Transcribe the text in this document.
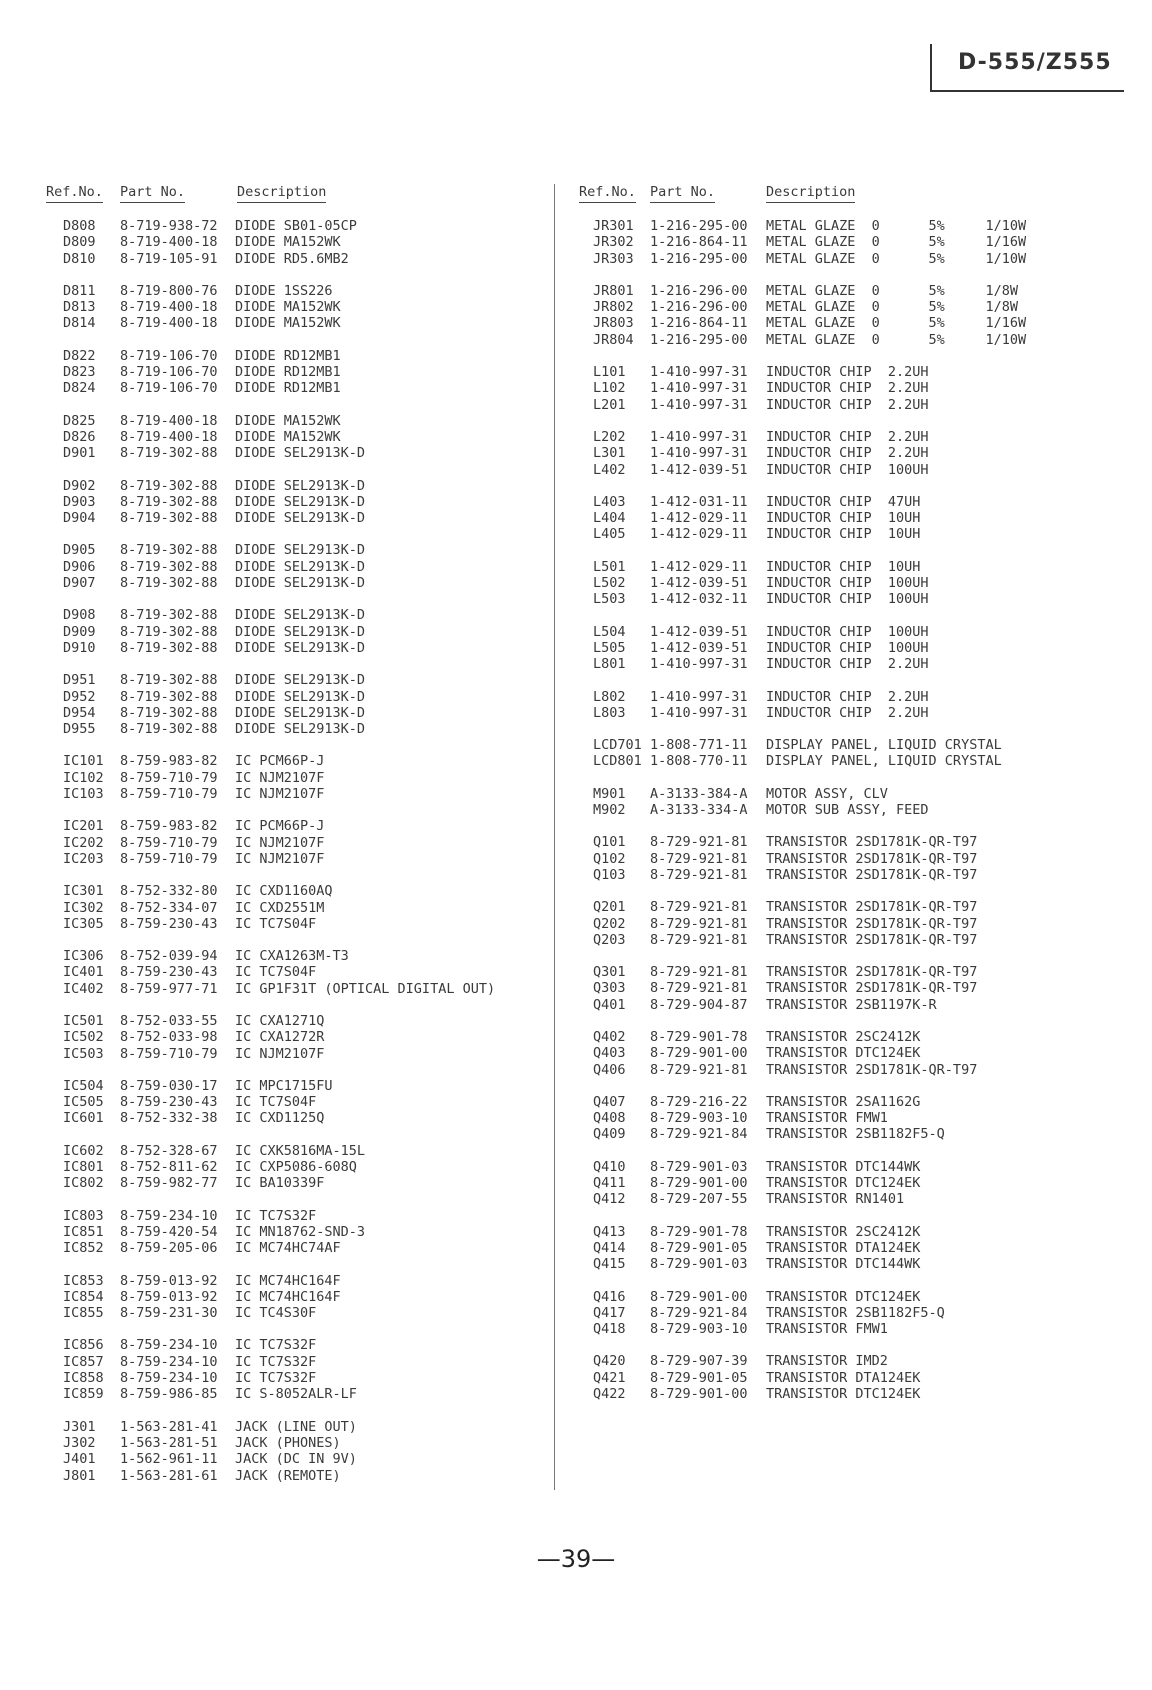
D-555/Z555
Ref.No. Part No.	Description
D808 8-719-938-72 DIODE SB01-05CP
D809 8-719-400-18 DIODE MA152WK
D810 8-719-105-91 DIODE RD5.6MB2
D811 8-719-800-76 DIODE 1SS226
D813 8-719-400-18 DIODE MA152WK
D814 8-719-400-18 DIODE MA152WK
D822 8-719-106-70 DIODE RD12MB1
D823 8-719-106-70 DIODE RD12MB1
D824 8-719-106-70 DIODE RD12MB1
D825 8-719-400-18 DIODE MA152WK
D826 8-719-400-18 DIODE MA152WK
D901 8-719-302-88 DIODE SEL2913K-D
D902 8-719-302-88 DIODE SEL2913K-D
D903 8-719-302-88 DIODE SEL2913K-D
D904 8-719-302-88 DIODE SEL2913K-D
D905 8-719-302-88 DIODE SEL2913K-D
D906 8-719-302-88 DIODE SEL2913K-D
D907 8-719-302-88 DIODE SEL2913K-D
D908 8-719-302-88 DIODE SEL2913K-D
D909 8-719-302-88 DIODE SEL2913K-D
D910 8-719-302-88 DIODE SEL2913K-D
D951 8-719-302-88 DIODE SEL2913K-D
D952 8-719-302-88 DIODE SEL2913K-D
D954 8-719-302-88 DIODE SEL2913K-D
D955 8-719-302-88 DIODE SEL2913K-D
IC101 8-759-983-82 IC PCM66P-J
IC102 8-759-710-79 IC NJM2107F
IC103 8-759-710-79 IC NJM2107F
IC201 8-759-983-82 IC PCM66P-J
IC202 8-759-710-79 IC NJM2107F
IC203 8-759-710-79 IC NJM2107F
IC301 8-752-332-80 IC CXD1160AQ
IC302 8-752-334-07 IC CXD2551M
IC305 8-759-230-43 IC TC7S04F
IC306 8-752-039-94 IC CXA1263M-T3
IC401 8-759-230-43 IC TC7S04F
IC402 8-759-977-71 IC GP1F31T (OPTICAL DIGITAL OUT)
IC501 8-752-033-55 IC CXA1271Q
IC502 8-752-033-98 IC CXA1272R
IC503 8-759-710-79 IC NJM2107F
IC504 8-759-030-17 IC MPC1715FU
IC505 8-759-230-43 IC TC7S04F
IC601 8-752-332-38 IC CXD1125Q
IC602 8-752-328-67 IC CXK5816MA-15L
IC801 8-752-811-62 IC CXP5086-608Q
IC802 8-759-982-77 IC BA10339F
IC803 8-759-234-10 IC TC7S32F
IC851 8-759-420-54 IC MN18762-SND-3
IC852 8-759-205-06 IC MC74HC74AF
IC853 8-759-013-92 IC MC74HC164F
IC854 8-759-013-92 IC MC74HC164F
IC855 8-759-231-30 IC TC4S30F
IC856 8-759-234-10 IC TC7S32F
IC857 8-759-234-10 IC TC7S32F
IC858 8-759-234-10 IC TC7S32F
IC859 8-759-986-85 IC S-8052ALR-LF
J301 1-563-281-41 JACK (LINE OUT)
J302 1-563-281-51 JACK (PHONES)
J401 1-562-961-11 JACK (DC IN 9V)
J801 1-563-281-61 JACK (REMOTE)
Ref.No. Part No.	Description
JR301 1-216-295-00 METAL GLAZE  0      5%     1/10W
JR302 1-216-864-11 METAL GLAZE  0      5%     1/16W
JR303 1-216-295-00 METAL GLAZE  0      5%     1/10W
JR801 1-216-296-00 METAL GLAZE  0      5%     1/8W
JR802 1-216-296-00 METAL GLAZE  0      5%     1/8W
JR803 1-216-864-11 METAL GLAZE  0      5%     1/16W
JR804 1-216-295-00 METAL GLAZE  0      5%     1/10W
L101 1-410-997-31 INDUCTOR CHIP  2.2UH
L102 1-410-997-31 INDUCTOR CHIP  2.2UH
L201 1-410-997-31 INDUCTOR CHIP  2.2UH
L202 1-410-997-31 INDUCTOR CHIP  2.2UH
L301 1-410-997-31 INDUCTOR CHIP  2.2UH
L402 1-412-039-51 INDUCTOR CHIP  100UH
L403 1-412-031-11 INDUCTOR CHIP  47UH
L404 1-412-029-11 INDUCTOR CHIP  10UH
L405 1-412-029-11 INDUCTOR CHIP  10UH
L501 1-412-029-11 INDUCTOR CHIP  10UH
L502 1-412-039-51 INDUCTOR CHIP  100UH
L503 1-412-032-11 INDUCTOR CHIP  100UH
L504 1-412-039-51 INDUCTOR CHIP  100UH
L505 1-412-039-51 INDUCTOR CHIP  100UH
L801 1-410-997-31 INDUCTOR CHIP  2.2UH
L802 1-410-997-31 INDUCTOR CHIP  2.2UH
L803 1-410-997-31 INDUCTOR CHIP  2.2UH
LCD701 1-808-771-11 DISPLAY PANEL, LIQUID CRYSTAL
LCD801 1-808-770-11 DISPLAY PANEL, LIQUID CRYSTAL
M901 A-3133-384-A MOTOR ASSY, CLV
M902 A-3133-334-A MOTOR SUB ASSY, FEED
Q101 8-729-921-81 TRANSISTOR 2SD1781K-QR-T97
Q102 8-729-921-81 TRANSISTOR 2SD1781K-QR-T97
Q103 8-729-921-81 TRANSISTOR 2SD1781K-QR-T97
Q201 8-729-921-81 TRANSISTOR 2SD1781K-QR-T97
Q202 8-729-921-81 TRANSISTOR 2SD1781K-QR-T97
Q203 8-729-921-81 TRANSISTOR 2SD1781K-QR-T97
Q301 8-729-921-81 TRANSISTOR 2SD1781K-QR-T97
Q303 8-729-921-81 TRANSISTOR 2SD1781K-QR-T97
Q401 8-729-904-87 TRANSISTOR 2SB1197K-R
Q402 8-729-901-78 TRANSISTOR 2SC2412K
Q403 8-729-901-00 TRANSISTOR DTC124EK
Q406 8-729-921-81 TRANSISTOR 2SD1781K-QR-T97
Q407 8-729-216-22 TRANSISTOR 2SA1162G
Q408 8-729-903-10 TRANSISTOR FMW1
Q409 8-729-921-84 TRANSISTOR 2SB1182F5-Q
Q410 8-729-901-03 TRANSISTOR DTC144WK
Q411 8-729-901-00 TRANSISTOR DTC124EK
Q412 8-729-207-55 TRANSISTOR RN1401
Q413 8-729-901-78 TRANSISTOR 2SC2412K
Q414 8-729-901-05 TRANSISTOR DTA124EK
Q415 8-729-901-03 TRANSISTOR DTC144WK
Q416 8-729-901-00 TRANSISTOR DTC124EK
Q417 8-729-921-84 TRANSISTOR 2SB1182F5-Q
Q418 8-729-903-10 TRANSISTOR FMW1
Q420 8-729-907-39 TRANSISTOR IMD2
Q421 8-729-901-05 TRANSISTOR DTA124EK
Q422 8-729-901-00 TRANSISTOR DTC124EK
—39—
